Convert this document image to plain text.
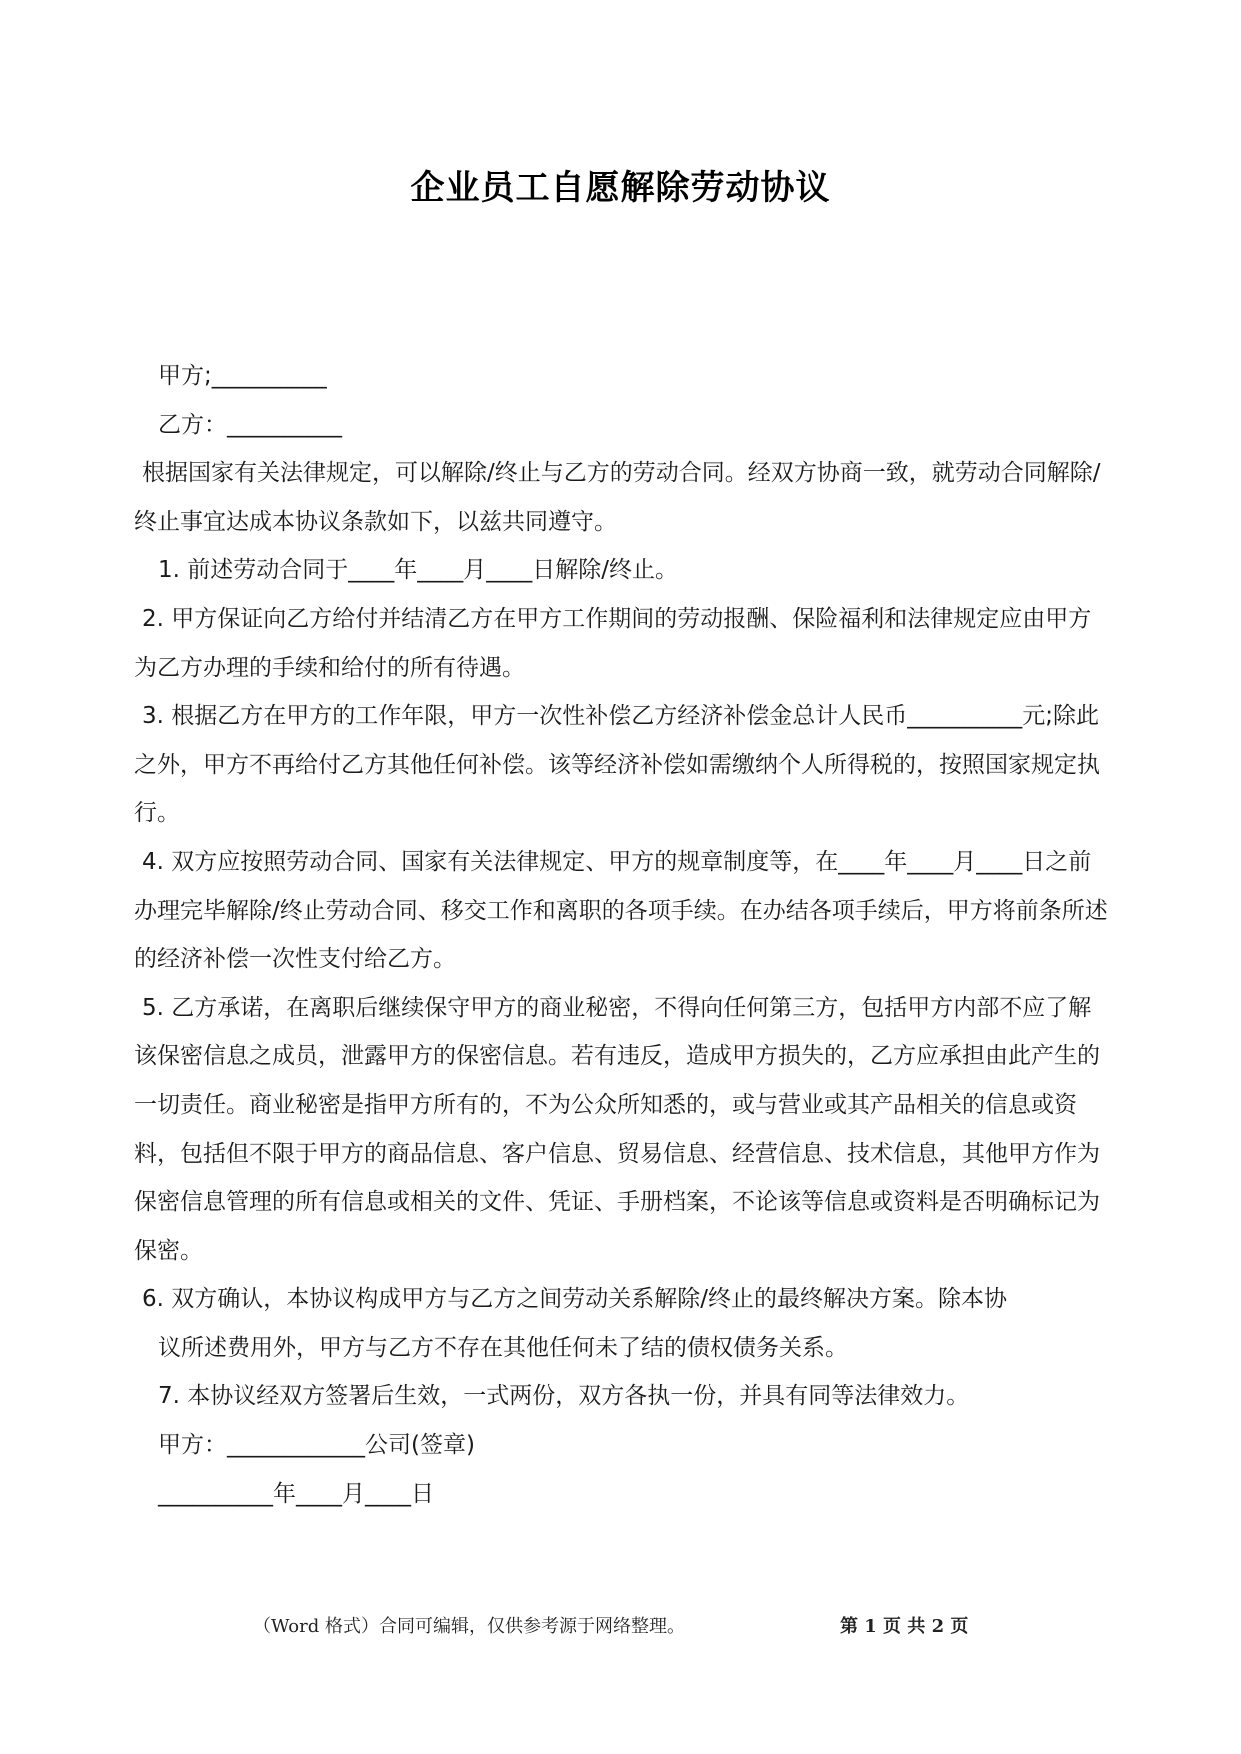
企业员工自愿解除劳动协议

甲方;__________

乙方：__________

根据国家有关法律规定，可以解除/终止与乙方的劳动合同。经双方协商一致，就劳动合同解除/终止事宜达成本协议条款如下，以兹共同遵守。

1. 前述劳动合同于____年____月____日解除/终止。

2. 甲方保证向乙方给付并结清乙方在甲方工作期间的劳动报酬、保险福利和法律规定应由甲方为乙方办理的手续和给付的所有待遇。

3. 根据乙方在甲方的工作年限，甲方一次性补偿乙方经济补偿金总计人民币__________元;除此之外，甲方不再给付乙方其他任何补偿。该等经济补偿如需缴纳个人所得税的，按照国家规定执行。

4. 双方应按照劳动合同、国家有关法律规定、甲方的规章制度等，在____年____月____日之前办理完毕解除/终止劳动合同、移交工作和离职的各项手续。在办结各项手续后，甲方将前条所述的经济补偿一次性支付给乙方。

5. 乙方承诺，在离职后继续保守甲方的商业秘密，不得向任何第三方，包括甲方内部不应了解该保密信息之成员，泄露甲方的保密信息。若有违反，造成甲方损失的，乙方应承担由此产生的一切责任。商业秘密是指甲方所有的，不为公众所知悉的，或与营业或其产品相关的信息或资料，包括但不限于甲方的商品信息、客户信息、贸易信息、经营信息、技术信息，其他甲方作为保密信息管理的所有信息或相关的文件、凭证、手册档案，不论该等信息或资料是否明确标记为保密。

6. 双方确认，本协议构成甲方与乙方之间劳动关系解除/终止的最终解决方案。除本协

议所述费用外，甲方与乙方不存在其他任何未了结的债权债务关系。

7. 本协议经双方签署后生效，一式两份，双方各执一份，并具有同等法律效力。

甲方：____________公司(签章)

__________年____月____日

（Word 格式）合同可编辑，仅供参考源于网络整理。	第 1 页 共 2 页
